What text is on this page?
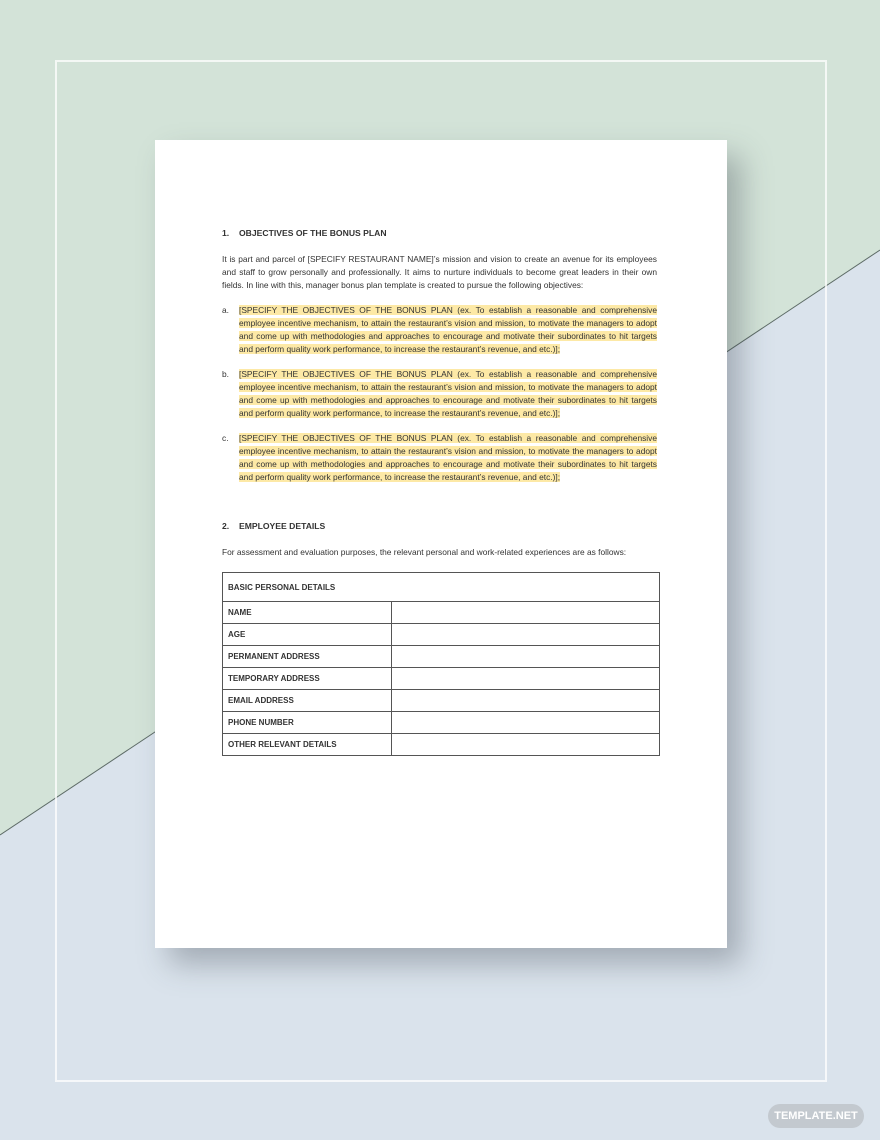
1. OBJECTIVES OF THE BONUS PLAN

It is part and parcel of [SPECIFY RESTAURANT NAME]’s mission and vision to create an avenue for its employees and staff to grow personally and professionally. It aims to nurture individuals to become great leaders in their own fields. In line with this, manager bonus plan template is created to pursue the following objectives:

a.	[SPECIFY THE OBJECTIVES OF THE BONUS PLAN (ex. To establish a reasonable and comprehensive employee incentive mechanism, to attain the restaurant’s vision and mission, to motivate the managers to adopt and come up with methodologies and approaches to encourage and motivate their subordinates to hit targets and perform quality work performance, to increase the restaurant’s revenue, and etc.)];
b.	[SPECIFY THE OBJECTIVES OF THE BONUS PLAN (ex. To establish a reasonable and comprehensive employee incentive mechanism, to attain the restaurant’s vision and mission, to motivate the managers to adopt and come up with methodologies and approaches to encourage and motivate their subordinates to hit targets and perform quality work performance, to increase the restaurant’s revenue, and etc.)];
c.	[SPECIFY THE OBJECTIVES OF THE BONUS PLAN (ex. To establish a reasonable and comprehensive employee incentive mechanism, to attain the restaurant’s vision and mission, to motivate the managers to adopt and come up with methodologies and approaches to encourage and motivate their subordinates to hit targets and perform quality work performance, to increase the restaurant’s revenue, and etc.)];
2. EMPLOYEE DETAILS

For assessment and evaluation purposes, the relevant personal and work-related experiences are as follows:

BASIC PERSONAL DETAILS	
NAME	
AGE	
PERMANENT ADDRESS	
TEMPORARY ADDRESS	
EMAIL ADDRESS	
PHONE NUMBER	
OTHER RELEVANT DETAILS	
TEMPLATE.NET
